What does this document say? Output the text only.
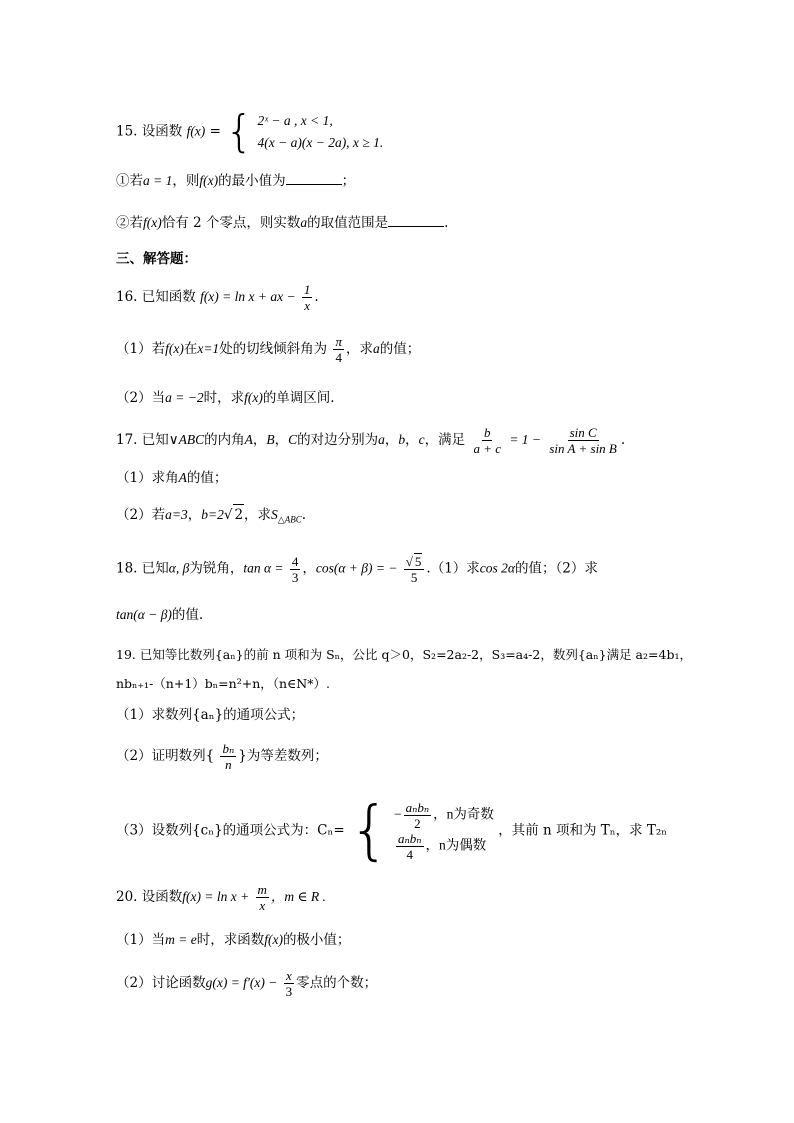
15. 设函数 f(x) = { 2ˣ − a , x < 1,
4(x − a)(x − 2a), x ≥ 1.
①若a = 1，则f(x)的最小值为	；
②若f(x)恰有 2 个零点，则实数a的取值范围是	.
三、解答题：
16. 已知函数 f(x) = ln x + ax − $\frac{1}{x}$ .
（1）若f(x)在x=1处的切线倾斜角为 $\frac{\pi}{4}$ ，求a的值；
（2）当a = −2时，求f(x)的单调区间.
17. 已知∨ABC的内角A，B，C的对边分别为a，b，c，满足 $\frac{b}{a + c} = 1 - \frac{\text{sin C}}{\text{sin A + sin B}}$ .
（1）求角A的值；
（2）若a=3，b=2√ 2，求$S_{\triangle ABC}$.
18. 已知α, β为锐角，$\tan \alpha = \frac{4}{3}$ ，cos(α + β) = − $\frac{√ 5}{5} .(1)$求cos 2α的值；（2）求
tan(α − β)的值.
19. 已知等比数列{aₙ}的前 n 项和为 Sₙ，公比 q＞0，S₂=2a₂-2，S₃=a₄-2，数列{aₙ}满足 a₂=4b₁，
nbₙ₊₁-（n+1）bₙ=n²+n，（n∈N*）.
（1）求数列{aₙ}的通项公式；
（2）证明数列{ $\frac{\text{bₙ}}{n}$ }为等差数列；
（3）设数列{cₙ}的通项公式为：Cₙ= { − $\frac{\text{aₙbₙ}}{2}$ ，n为奇数
$\frac{\text{aₙbₙ}}{4}$ ，n为偶数
，其前 n 项和为 Tₙ，求 T₂ₙ
20. 设函数$f(x) = \ln x + \frac{m}{x}$ ，m ∈ R .
（1）当m = e时，求函数f(x)的极小值；
（2）讨论函数$g(x) = f'(x) - \frac{x}{3}$ 零点的个数；
